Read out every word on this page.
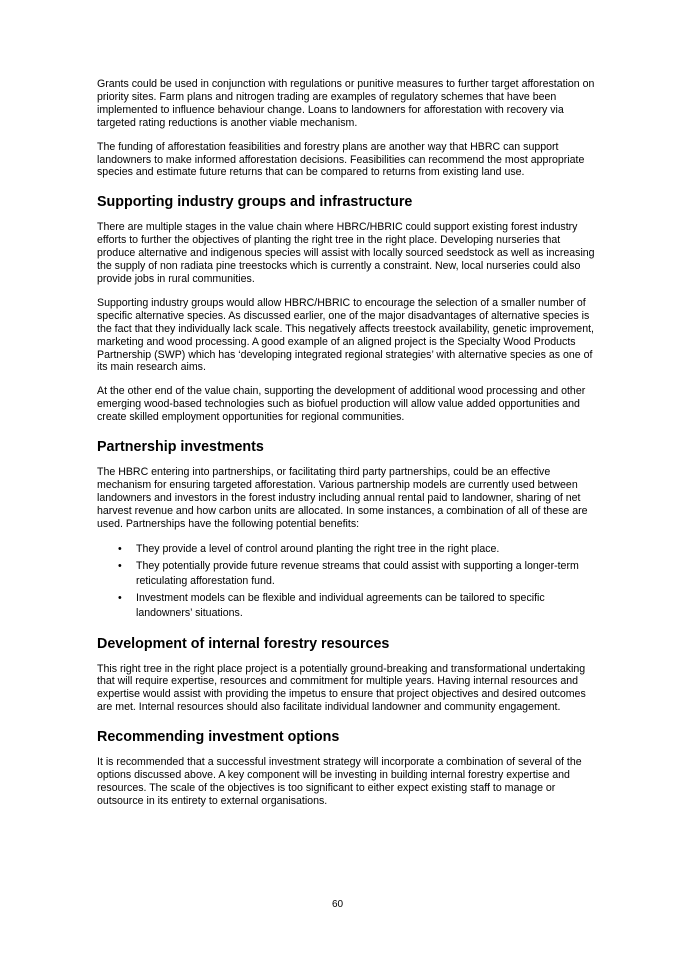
Grants could be used in conjunction with regulations or punitive measures to further target afforestation on priority sites. Farm plans and nitrogen trading are examples of regulatory schemes that have been implemented to influence behaviour change. Loans to landowners for afforestation with recovery via targeted rating reductions is another viable mechanism.

The funding of afforestation feasibilities and forestry plans are another way that HBRC can support landowners to make informed afforestation decisions. Feasibilities can recommend the most appropriate species and estimate future returns that can be compared to returns from existing land use.

Supporting industry groups and infrastructure

There are multiple stages in the value chain where HBRC/HBRIC could support existing forest industry efforts to further the objectives of planting the right tree in the right place. Developing nurseries that produce alternative and indigenous species will assist with locally sourced seedstock as well as increasing the supply of non radiata pine treestocks which is currently a constraint. New, local nurseries could also provide jobs in rural communities.

Supporting industry groups would allow HBRC/HBRIC to encourage the selection of a smaller number of specific alternative species. As discussed earlier, one of the major disadvantages of alternative species is the fact that they individually lack scale. This negatively affects treestock availability, genetic improvement, marketing and wood processing. A good example of an aligned project is the Specialty Wood Products Partnership (SWP) which has ‘developing integrated regional strategies’ with alternative species as one of its main research aims.

At the other end of the value chain, supporting the development of additional wood processing and other emerging wood-based technologies such as biofuel production will allow value added opportunities and create skilled employment opportunities for regional communities.

Partnership investments

The HBRC entering into partnerships, or facilitating third party partnerships, could be an effective mechanism for ensuring targeted afforestation. Various partnership models are currently used between landowners and investors in the forest industry including annual rental paid to landowner, sharing of net harvest revenue and how carbon units are allocated. In some instances, a combination of all of these are used. Partnerships have the following potential benefits:

• They provide a level of control around planting the right tree in the right place.
• They potentially provide future revenue streams that could assist with supporting a longer-term reticulating afforestation fund.
• Investment models can be flexible and individual agreements can be tailored to specific landowners’ situations.
Development of internal forestry resources

This right tree in the right place project is a potentially ground-breaking and transformational undertaking that will require expertise, resources and commitment for multiple years. Having internal resources and expertise would assist with providing the impetus to ensure that project objectives and desired outcomes are met. Internal resources should also facilitate individual landowner and community engagement.

Recommending investment options

It is recommended that a successful investment strategy will incorporate a combination of several of the options discussed above. A key component will be investing in building internal forestry expertise and resources. The scale of the objectives is too significant to either expect existing staff to manage or outsource in its entirety to external organisations.

60
